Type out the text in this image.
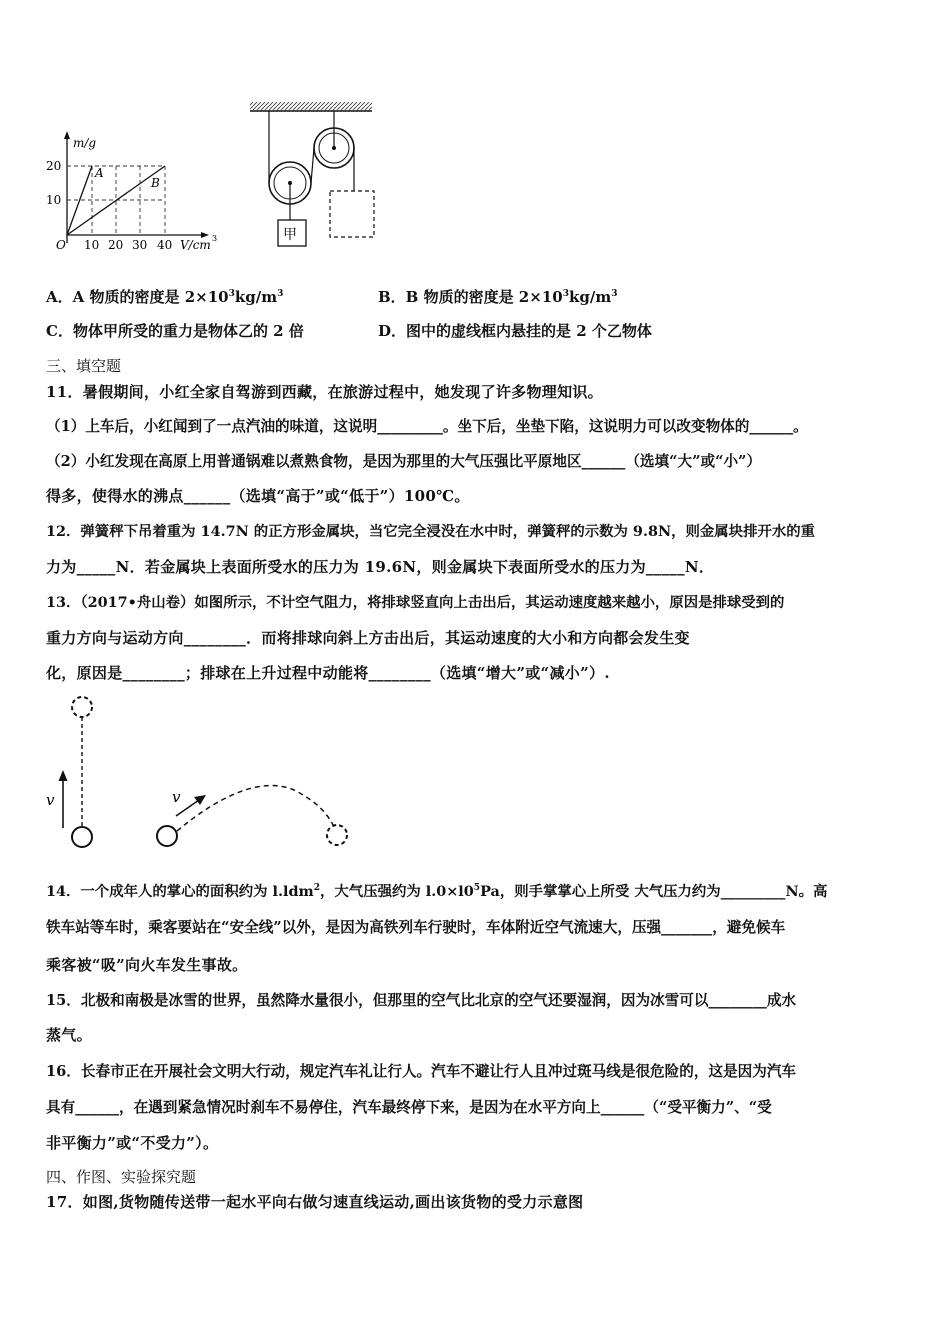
m/g
20
10
O 10 20 30 40 V/cm 3
A
B
甲
A．A 物质的密度是 $2\times 10^3kg/m^3$	B．B 物质的密度是 $2\times 10^3kg/m^3$
C．物体甲所受的重力是物体乙的 2 倍	D．图中的虚线框内悬挂的是 2 个乙物体
三、填空题
11．暑假期间，小红全家自驾游到西藏，在旅游过程中，她发现了许多物理知识。
（1）上车后，小红闻到了一点汽油的味道，这说明_________。坐下后，坐垫下陷，这说明力可以改变物体的______。
（2）小红发现在高原上用普通锅难以煮熟食物，是因为那里的大气压强比平原地区______（选填“大”或“小”）
得多，使得水的沸点______（选填“高于”或“低于”）100℃。
12．弹簧秤下吊着重为 14.7N 的正方形金属块，当它完全浸没在水中时，弹簧秤的示数为 9.8N，则金属块排开水的重
力为_____N．若金属块上表面所受水的压力为 19.6N，则金属块下表面所受水的压力为_____N．
13．（2017•舟山卷）如图所示，不计空气阻力，将排球竖直向上击出后，其运动速度越来越小，原因是排球受到的
重力方向与运动方向________．而将排球向斜上方击出后，其运动速度的大小和方向都会发生变
化，原因是________；排球在上升过程中动能将________（选填“增大”或“减小”）.
v	v
14．一个成年人的掌心的面积约为 l.ldm$^2$，大气压强约为 $l.0\times l0^5Pa$，则手掌掌心上所受 大气压力约为_________N。高
铁车站等车时，乘客要站在“安全线”以外，是因为高铁列车行驶时，车体附近空气流速大，压强_______，避免候车
乘客被“吸”向火车发生事故。
15．北极和南极是冰雪的世界，虽然降水量很小，但那里的空气比北京的空气还要湿润，因为冰雪可以________成水
蒸气。
16．长春市正在开展社会文明大行动，规定汽车礼让行人。汽车不避让行人且冲过斑马线是很危险的，这是因为汽车
具有______，在遇到紧急情况时刹车不易停住，汽车最终停下来，是因为在水平方向上______（“受平衡力”、“受
非平衡力”或“不受力”）。
四、作图、实验探究题
17．如图,货物随传送带一起水平向右做匀速直线运动,画出该货物的受力示意图
